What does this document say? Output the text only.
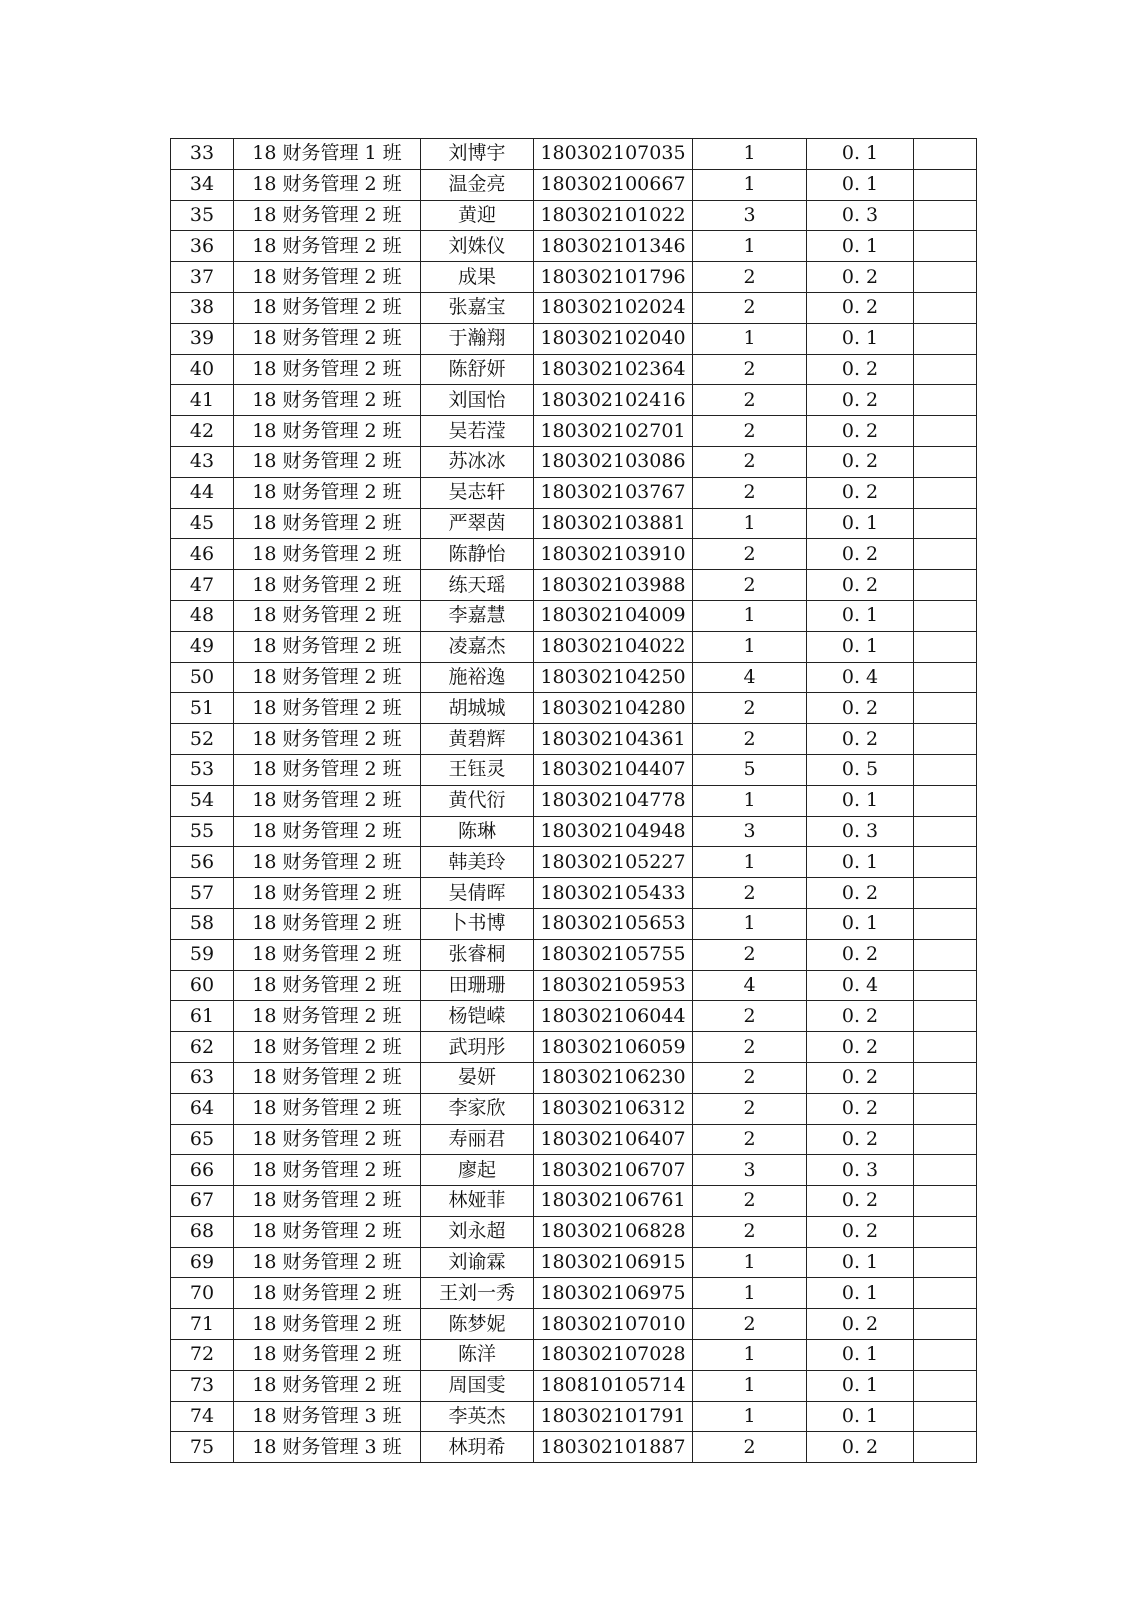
33	18 财务管理 1 班	刘博宇	180302107035	1	0. 1	
34	18 财务管理 2 班	温金亮	180302100667	1	0. 1	
35	18 财务管理 2 班	黄迎	180302101022	3	0. 3	
36	18 财务管理 2 班	刘姝仪	180302101346	1	0. 1	
37	18 财务管理 2 班	成果	180302101796	2	0. 2	
38	18 财务管理 2 班	张嘉宝	180302102024	2	0. 2	
39	18 财务管理 2 班	于瀚翔	180302102040	1	0. 1	
40	18 财务管理 2 班	陈舒妍	180302102364	2	0. 2	
41	18 财务管理 2 班	刘国怡	180302102416	2	0. 2	
42	18 财务管理 2 班	吴若滢	180302102701	2	0. 2	
43	18 财务管理 2 班	苏冰冰	180302103086	2	0. 2	
44	18 财务管理 2 班	吴志轩	180302103767	2	0. 2	
45	18 财务管理 2 班	严翠茵	180302103881	1	0. 1	
46	18 财务管理 2 班	陈静怡	180302103910	2	0. 2	
47	18 财务管理 2 班	练天瑶	180302103988	2	0. 2	
48	18 财务管理 2 班	李嘉慧	180302104009	1	0. 1	
49	18 财务管理 2 班	凌嘉杰	180302104022	1	0. 1	
50	18 财务管理 2 班	施裕逸	180302104250	4	0. 4	
51	18 财务管理 2 班	胡城城	180302104280	2	0. 2	
52	18 财务管理 2 班	黄碧辉	180302104361	2	0. 2	
53	18 财务管理 2 班	王钰灵	180302104407	5	0. 5	
54	18 财务管理 2 班	黄代衍	180302104778	1	0. 1	
55	18 财务管理 2 班	陈琳	180302104948	3	0. 3	
56	18 财务管理 2 班	韩美玲	180302105227	1	0. 1	
57	18 财务管理 2 班	吴倩晖	180302105433	2	0. 2	
58	18 财务管理 2 班	卜书博	180302105653	1	0. 1	
59	18 财务管理 2 班	张睿桐	180302105755	2	0. 2	
60	18 财务管理 2 班	田珊珊	180302105953	4	0. 4	
61	18 财务管理 2 班	杨铠嵘	180302106044	2	0. 2	
62	18 财务管理 2 班	武玥彤	180302106059	2	0. 2	
63	18 财务管理 2 班	晏妍	180302106230	2	0. 2	
64	18 财务管理 2 班	李家欣	180302106312	2	0. 2	
65	18 财务管理 2 班	寿丽君	180302106407	2	0. 2	
66	18 财务管理 2 班	廖起	180302106707	3	0. 3	
67	18 财务管理 2 班	林娅菲	180302106761	2	0. 2	
68	18 财务管理 2 班	刘永超	180302106828	2	0. 2	
69	18 财务管理 2 班	刘谕霖	180302106915	1	0. 1	
70	18 财务管理 2 班	王刘一秀	180302106975	1	0. 1	
71	18 财务管理 2 班	陈梦妮	180302107010	2	0. 2	
72	18 财务管理 2 班	陈洋	180302107028	1	0. 1	
73	18 财务管理 2 班	周国雯	180810105714	1	0. 1	
74	18 财务管理 3 班	李英杰	180302101791	1	0. 1	
75	18 财务管理 3 班	林玥希	180302101887	2	0. 2	
